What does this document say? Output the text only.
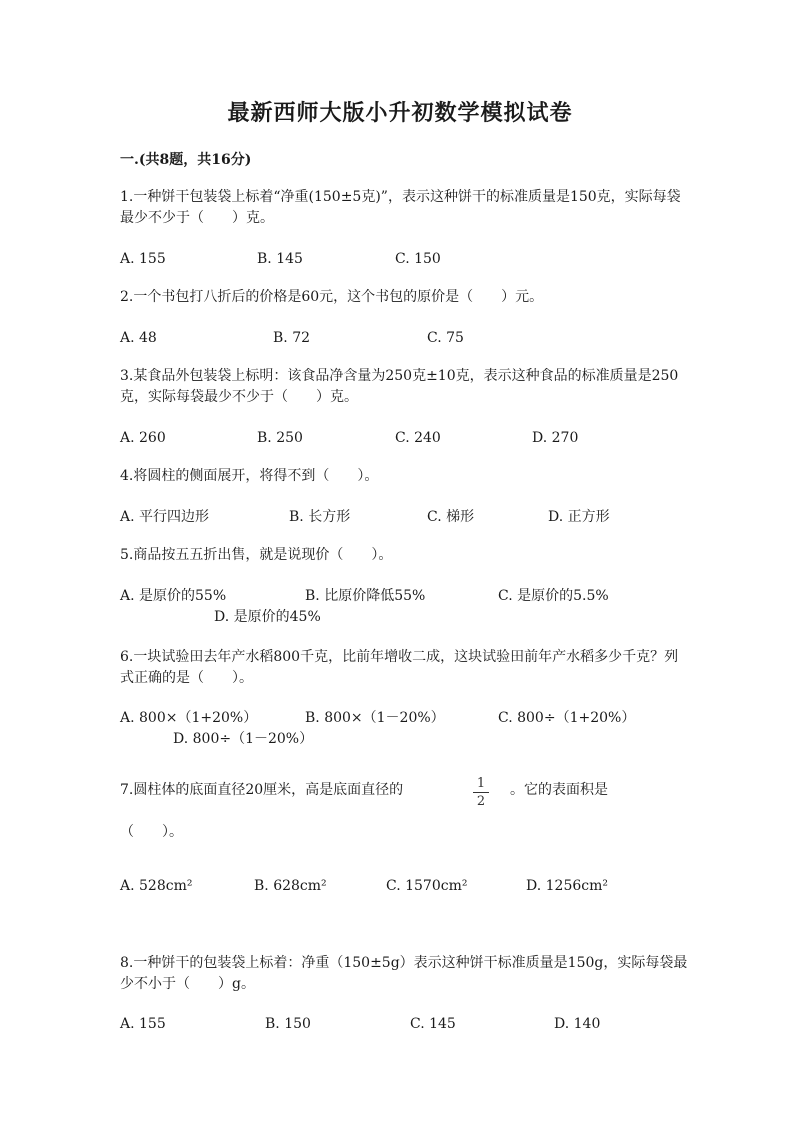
最新西师大版小升初数学模拟试卷
一.(共8题，共16分)
1.一种饼干包装袋上标着“净重(150±5克)”，表示这种饼干的标准质量是150克，实际每袋最少不少于（　　）克。
A. 155	B. 145	C. 150
2.一个书包打八折后的价格是60元，这个书包的原价是（　　）元。
A. 48	B. 72	C. 75
3.某食品外包装袋上标明：该食品净含量为250克±10克，表示这种食品的标准质量是250克，实际每袋最少不少于（　　）克。
A. 260	B. 250	C. 240	D. 270
4.将圆柱的侧面展开，将得不到（　　）。
A. 平行四边形	B. 长方形	C. 梯形	D. 正方形
5.商品按五五折出售，就是说现价（　　）。
A. 是原价的55%	B. 比原价降低55%	C. 是原价的5.5%
D. 是原价的45%
6.一块试验田去年产水稻800千克，比前年增收二成，这块试验田前年产水稻多少千克？列式正确的是（　　）。
A. 800×（1+20%）	B. 800×（1－20%）	C. 800÷（1+20%）
D. 800÷（1－20%）
7.圆柱体的底面直径20厘米，高是底面直径的	1
2
。它的表面积是
（　　）。
A. 528cm²	B. 628cm²	C. 1570cm²	D. 1256cm²
8.一种饼干的包装袋上标着：净重（150±5g）表示这种饼干标准质量是150g，实际每袋最少不小于（　　）g。
A. 155	B. 150	C. 145	D. 140
